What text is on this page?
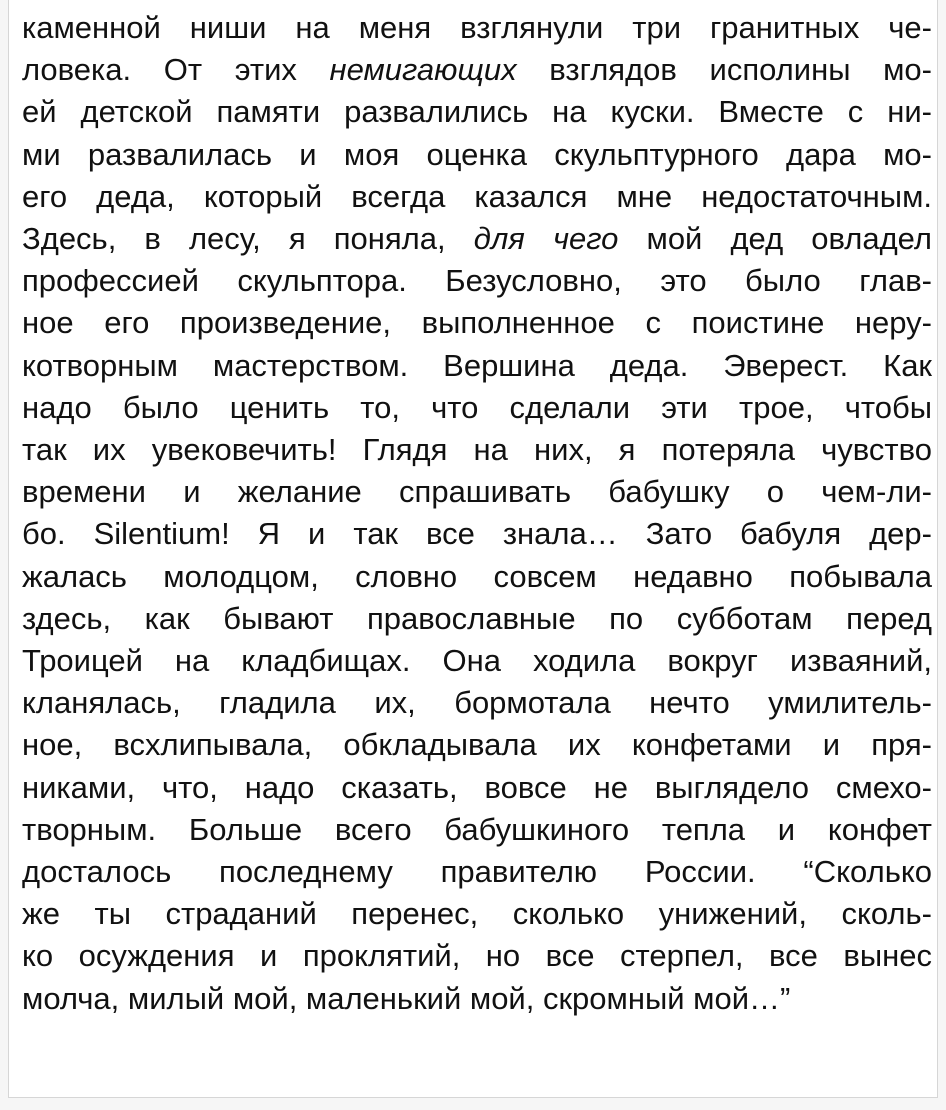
каменной ниши на меня взглянули три гранитных че-
ловека. От этих немигающих взглядов исполины мо-
ей детской памяти развалились на куски. Вместе с ни-
ми развалилась и моя оценка скульптурного дара мо-
его деда, который всегда казался мне недостаточным.
Здесь, в лесу, я поняла, для чего мой дед овладел
профессией скульптора. Безусловно, это было глав-
ное его произведение, выполненное с поистине неру-
котворным мастерством. Вершина деда. Эверест. Как
надо было ценить то, что сделали эти трое, чтобы
так их увековечить! Глядя на них, я потеряла чувство
времени и желание спрашивать бабушку о чем-ли-
бо. Silentium! Я и так все знала… Зато бабуля дер-
жалась молодцом, словно совсем недавно побывала
здесь, как бывают православные по субботам перед
Троицей на кладбищах. Она ходила вокруг изваяний,
кланялась, гладила их, бормотала нечто умилитель-
ное, всхлипывала, обкладывала их конфетами и пря-
никами, что, надо сказать, вовсе не выглядело смехо-
творным. Больше всего бабушкиного тепла и конфет
досталось последнему правителю России. “Сколько
же ты страданий перенес, сколько унижений, сколь-
ко осуждения и проклятий, но все стерпел, все вынес
молча, милый мой, маленький мой, скромный мой…”
